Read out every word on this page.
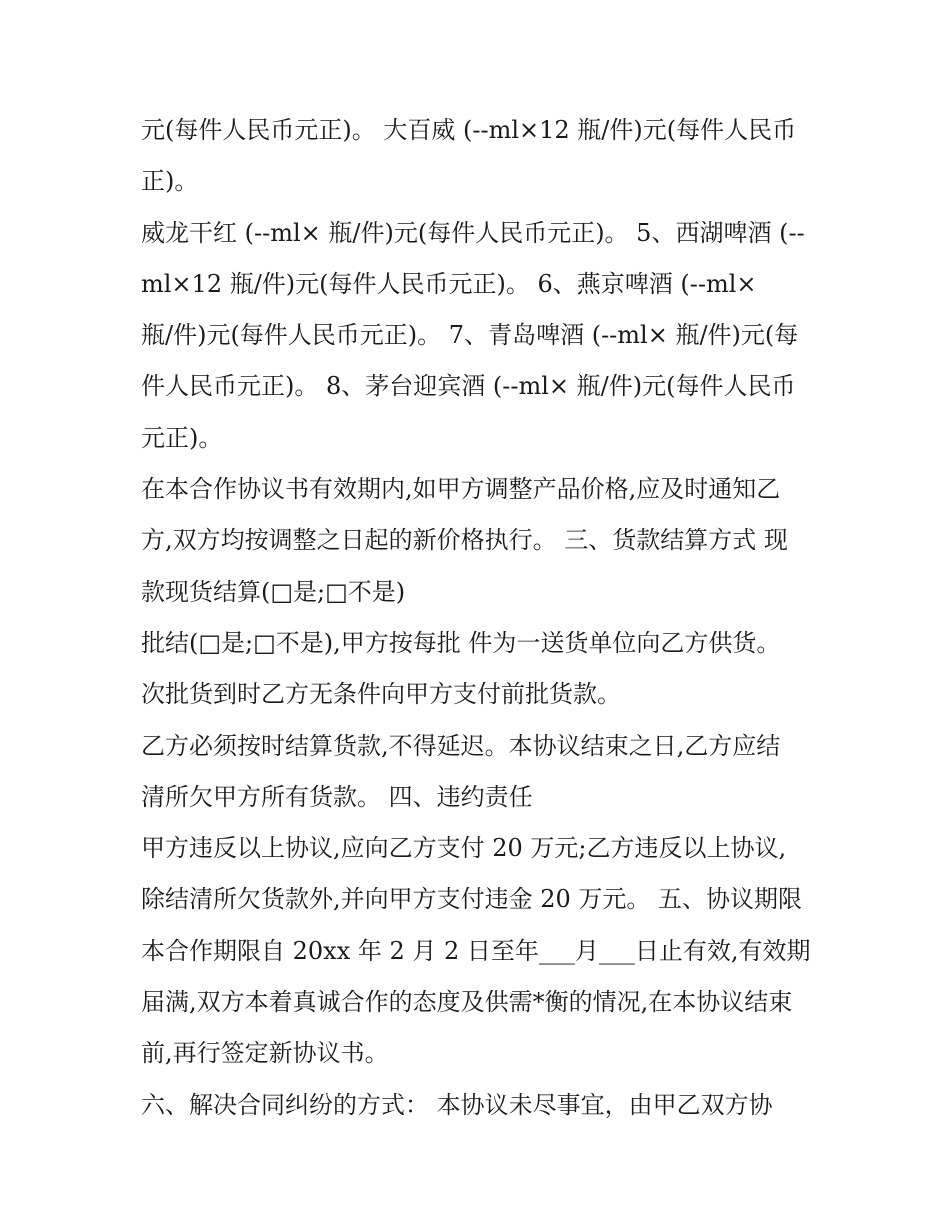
元(每件人民币元正)。 大百威 (--ml×12 瓶/件)元(每件人民币
正)。
威龙干红 (--ml× 瓶/件)元(每件人民币元正)。 5、西湖啤酒 (--
ml×12 瓶/件)元(每件人民币元正)。 6、燕京啤酒 (--ml×
瓶/件)元(每件人民币元正)。 7、青岛啤酒 (--ml× 瓶/件)元(每
件人民币元正)。 8、茅台迎宾酒 (--ml× 瓶/件)元(每件人民币
元正)。
在本合作协议书有效期内,如甲方调整产品价格,应及时通知乙
方,双方均按调整之日起的新价格执行。 三、货款结算方式 现
款现货结算(□是;□不是)
批结(□是;□不是),甲方按每批 件为一送货单位向乙方供货。
次批货到时乙方无条件向甲方支付前批货款。
乙方必须按时结算货款,不得延迟。本协议结束之日,乙方应结
清所欠甲方所有货款。 四、违约责任
甲方违反以上协议,应向乙方支付 20 万元;乙方违反以上协议,
除结清所欠货款外,并向甲方支付违金 20 万元。 五、协议期限
本合作期限自 20xx 年 2 月 2 日至年___月___日止有效,有效期
届满,双方本着真诚合作的态度及供需*衡的情况,在本协议结束
前,再行签定新协议书。
六、解决合同纠纷的方式： 本协议未尽事宜，由甲乙双方协
